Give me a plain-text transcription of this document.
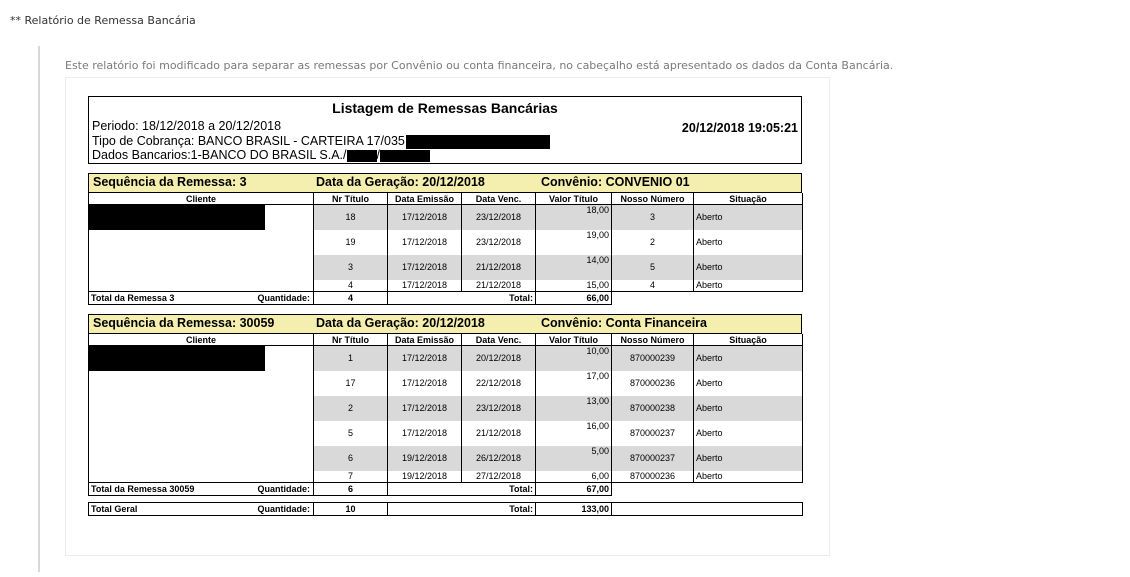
** Relatório de Remessa Bancária
Este relatório foi modificado para separar as remessas por Convênio ou conta financeira, no cabeçalho está apresentado os dados da Conta Bancária.
Listagem de Remessas Bancárias
Periodo: 18/12/2018 a 20/12/2018	20/12/2018 19:05:21
Tipo de Cobrança: BANCO BRASIL - CARTEIRA 17/035
Dados Bancarios:1-BANCO DO BRASIL S.A./ /
Sequência da Remessa: 3	Data da Geração: 20/12/2018	Convênio: CONVENIO 01
Cliente	Nr Título	Data Emissão	Data Venc.	Valor Título	Nosso Número	Situação

	18	17/12/2018	23/12/2018	18,00	3	Aberto
	19	17/12/2018	23/12/2018	19,00	2	Aberto
	3	17/12/2018	21/12/2018	14,00	5	Aberto
	4	17/12/2018	21/12/2018	15,00	4	Aberto
Total da Remessa 3 Quantidade:	4	Total:		66,00		
Sequência da Remessa: 30059	Data da Geração: 20/12/2018	Convênio: Conta Financeira
Cliente	Nr Título	Data Emissão	Data Venc.	Valor Título	Nosso Número	Situação

	1	17/12/2018	20/12/2018	10,00	870000239	Aberto
	17	17/12/2018	22/12/2018	17,00	870000236	Aberto
	2	17/12/2018	23/12/2018	13,00	870000238	Aberto
	5	17/12/2018	21/12/2018	16,00	870000237	Aberto
	6	19/12/2018	26/12/2018	5,00	870000237	Aberto
	7	19/12/2018	27/12/2018	6,00	870000236	Aberto
Total da Remessa 30059 Quantidade:	6	Total:		67,00		
Total Geral	Quantidade:	10	Total:	133,00	
